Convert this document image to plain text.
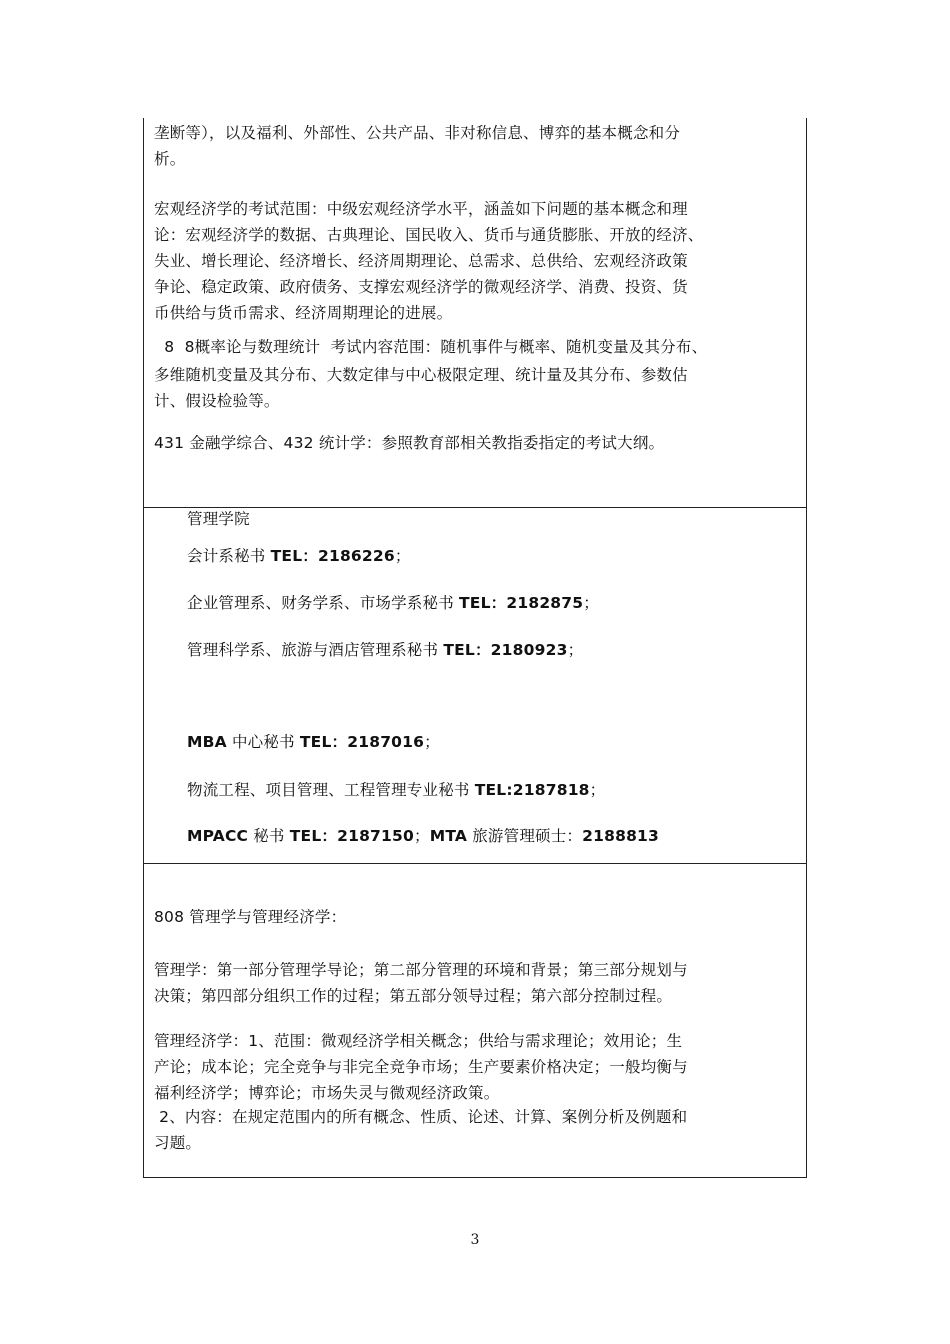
垄断等），以及福利、外部性、公共产品、非对称信息、博弈的基本概念和分
析。
宏观经济学的考试范围：中级宏观经济学水平，涵盖如下问题的基本概念和理
论：宏观经济学的数据、古典理论、国民收入、货币与通货膨胀、开放的经济、
失业、增长理论、经济增长、经济周期理论、总需求、总供给、宏观经济政策
争论、稳定政策、政府债务、支撑宏观经济学的微观经济学、消费、投资、货
币供给与货币需求、经济周期理论的进展。
8  8概率论与数理统计  考试内容范围：随机事件与概率、随机变量及其分布、
多维随机变量及其分布、大数定律与中心极限定理、统计量及其分布、参数估
计、假设检验等。
431 金融学综合、432 统计学：参照教育部相关教指委指定的考试大纲。
管理学院
会计系秘书 TEL：2186226；
企业管理系、财务学系、市场学系秘书 TEL：2182875；
管理科学系、旅游与酒店管理系秘书 TEL：2180923；
MBA 中心秘书 TEL：2187016；
物流工程、项目管理、工程管理专业秘书 TEL:2187818；
MPACC 秘书 TEL：2187150；MTA 旅游管理硕士：2188813
808 管理学与管理经济学：
管理学：第一部分管理学导论；第二部分管理的环境和背景；第三部分规划与
决策；第四部分组织工作的过程；第五部分领导过程；第六部分控制过程。
管理经济学：1、范围：微观经济学相关概念；供给与需求理论；效用论；生
产论；成本论；完全竞争与非完全竞争市场；生产要素价格决定；一般均衡与
福利经济学；博弈论；市场失灵与微观经济政策。
2、内容：在规定范围内的所有概念、性质、论述、计算、案例分析及例题和
习题。
3
